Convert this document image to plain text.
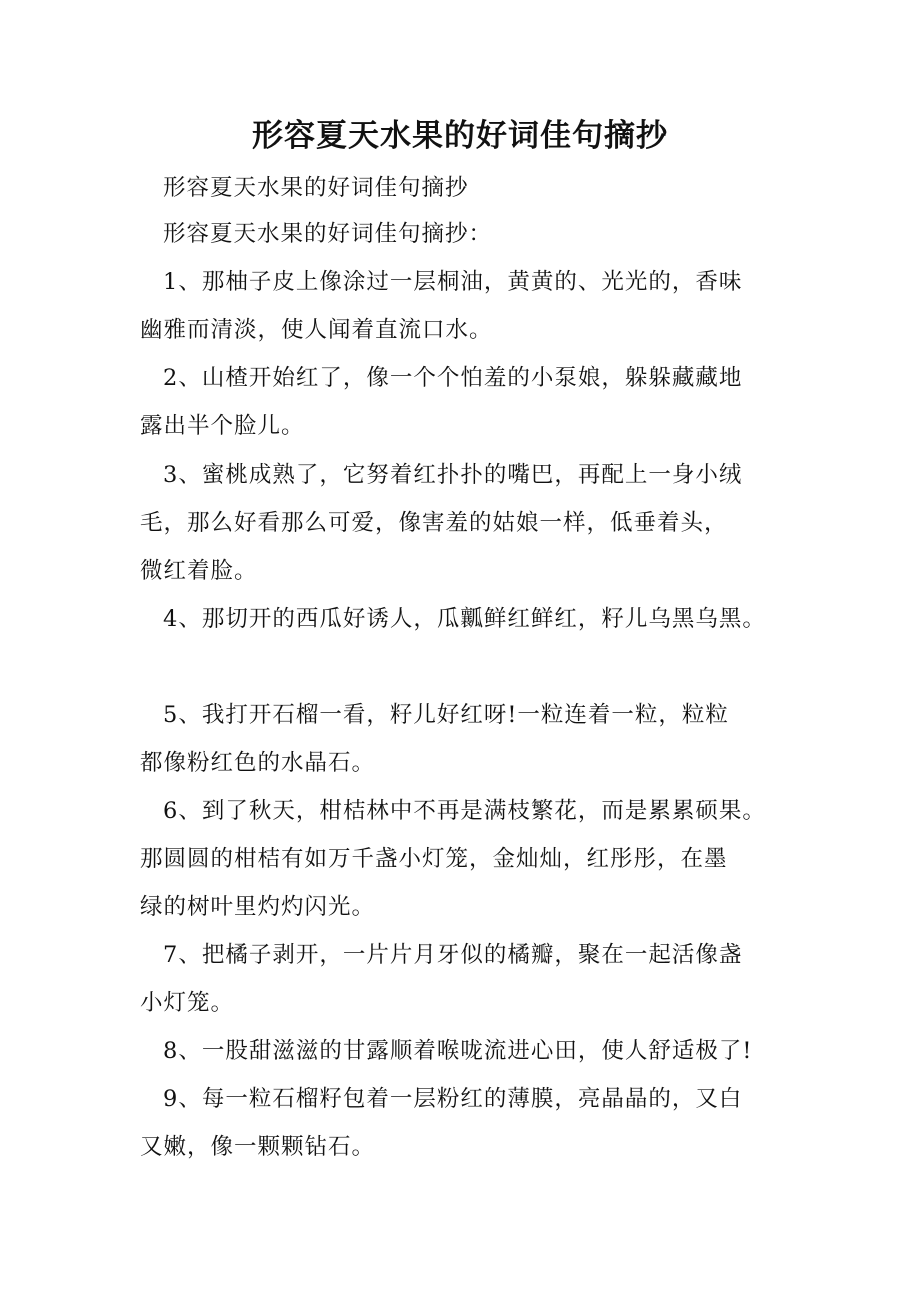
形容夏天水果的好词佳句摘抄
形容夏天水果的好词佳句摘抄
形容夏天水果的好词佳句摘抄：
1、那柚子皮上像涂过一层桐油，黄黄的、光光的，香味
幽雅而清淡，使人闻着直流口水。
2、山楂开始红了，像一个个怕羞的小泵娘，躲躲藏藏地
露出半个脸儿。
3、蜜桃成熟了，它努着红扑扑的嘴巴，再配上一身小绒
毛，那么好看那么可爱，像害羞的姑娘一样，低垂着头，
微红着脸。
4、那切开的西瓜好诱人，瓜瓤鲜红鲜红，籽儿乌黑乌黑。
5、我打开石榴一看，籽儿好红呀!一粒连着一粒，粒粒
都像粉红色的水晶石。
6、到了秋天，柑桔林中不再是满枝繁花，而是累累硕果。
那圆圆的柑桔有如万千盏小灯笼，金灿灿，红彤彤，在墨
绿的树叶里灼灼闪光。
7、把橘子剥开，一片片月牙似的橘瓣，聚在一起活像盏
小灯笼。
8、一股甜滋滋的甘露顺着喉咙流进心田，使人舒适极了!
9、每一粒石榴籽包着一层粉红的薄膜，亮晶晶的，又白
又嫩，像一颗颗钻石。
